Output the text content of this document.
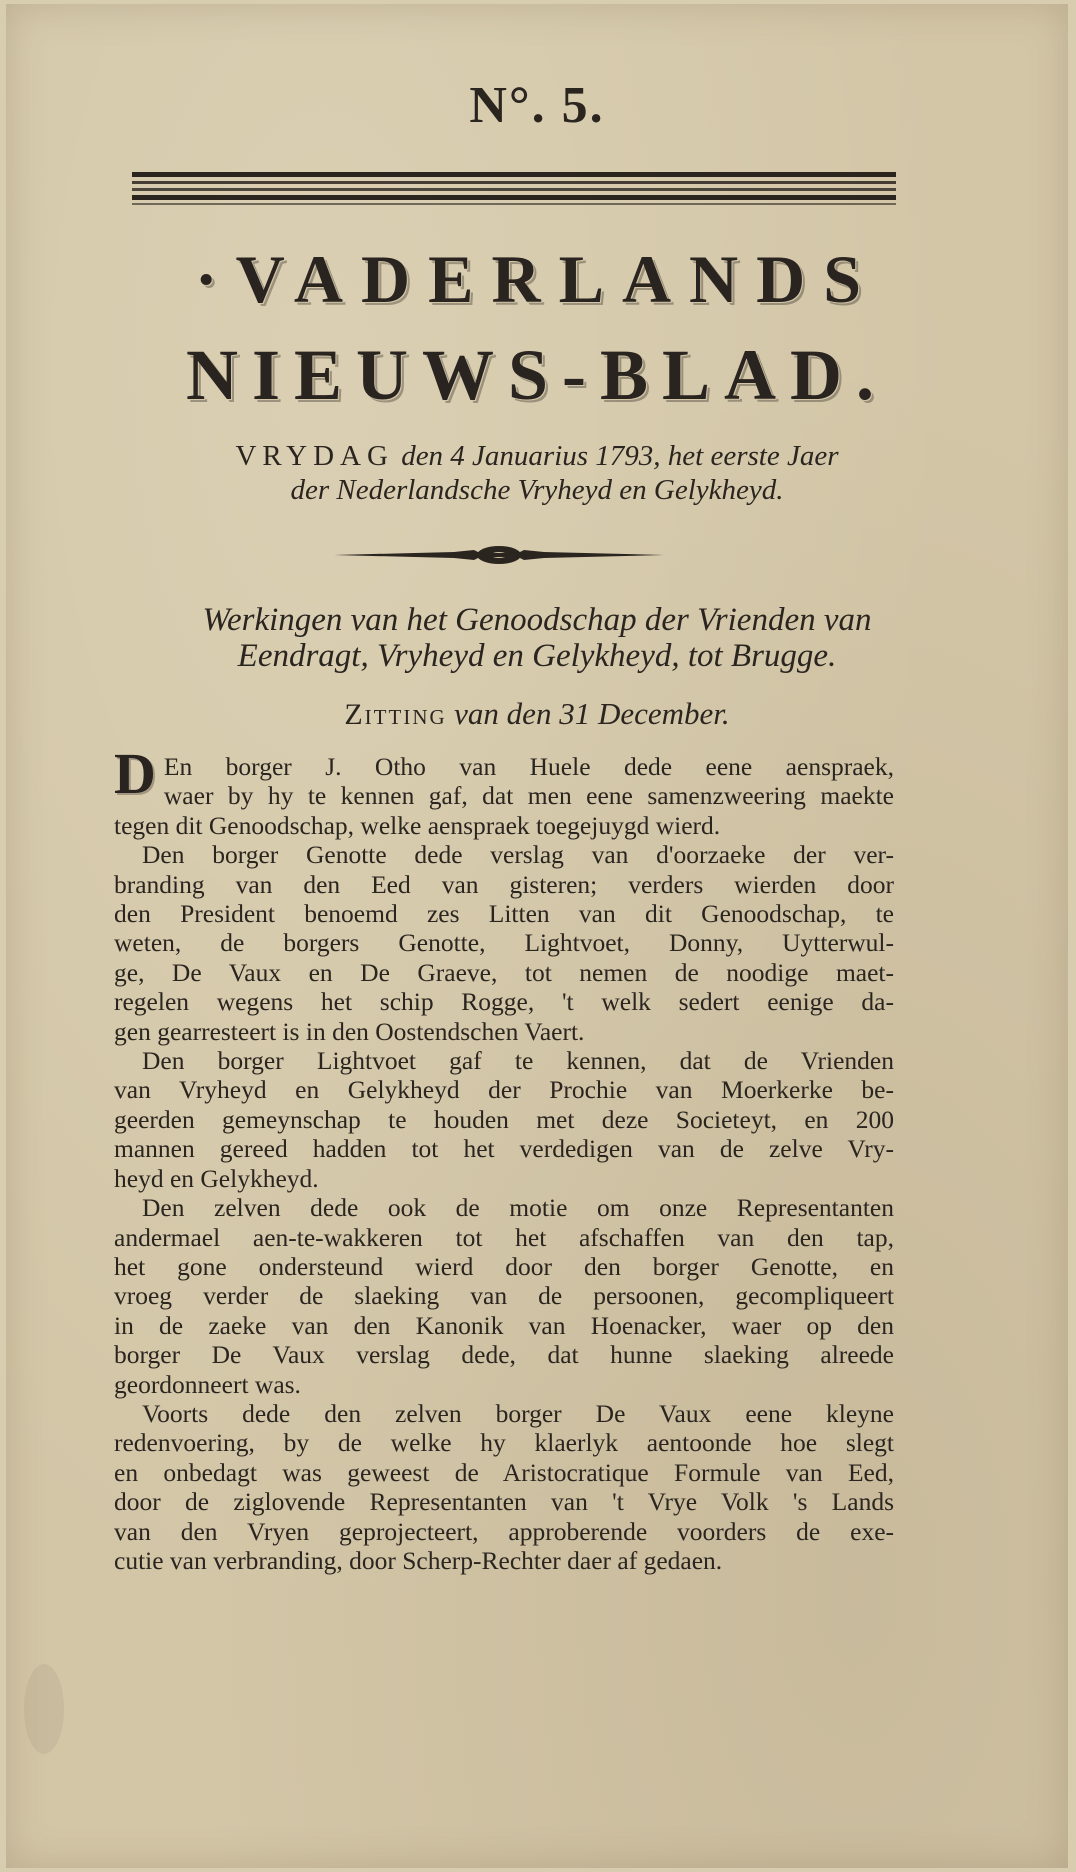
N°. 5.
·VADERLANDS
NIEUWS-BLAD.
VRYDAG den 4 Januarius 1793, het eerste Jaer
der Nederlandsche Vryheyd en Gelykheyd.
Werkingen van het Genoodschap der Vrienden van
Eendragt, Vryheyd en Gelykheyd, tot Brugge.
Zitting van den 31 December.
D En borger J. Otho van Huele dede eene aenspraek,
waer by hy te kennen gaf, dat men eene samenzweering maekte
tegen dit Genoodschap, welke aenspraek toegejuygd wierd.
Den borger Genotte dede verslag van d'oorzaeke der ver-
branding van den Eed van gisteren; verders wierden door
den President benoemd zes Litten van dit Genoodschap, te
weten, de borgers Genotte, Lightvoet, Donny, Uytterwul-
ge, De Vaux en De Graeve, tot nemen de noodige maet-
regelen wegens het schip Rogge, 't welk sedert eenige da-
gen gearresteert is in den Oostendschen Vaert.
Den borger Lightvoet gaf te kennen, dat de Vrienden
van Vryheyd en Gelykheyd der Prochie van Moerkerke be-
geerden gemeynschap te houden met deze Societeyt, en 200
mannen gereed hadden tot het verdedigen van de zelve Vry-
heyd en Gelykheyd.
Den zelven dede ook de motie om onze Representanten
andermael aen-te-wakkeren tot het afschaffen van den tap,
het gone ondersteund wierd door den borger Genotte, en
vroeg verder de slaeking van de persoonen, gecompliqueert
in de zaeke van den Kanonik van Hoenacker, waer op den
borger De Vaux verslag dede, dat hunne slaeking alreede
geordonneert was.
Voorts dede den zelven borger De Vaux eene kleyne
redenvoering, by de welke hy klaerlyk aentoonde hoe slegt
en onbedagt was geweest de Aristocratique Formule van Eed,
door de ziglovende Representanten van 't Vrye Volk 's Lands
van den Vryen geprojecteert, approberende voorders de exe-
cutie van verbranding, door Scherp-Rechter daer af gedaen.
